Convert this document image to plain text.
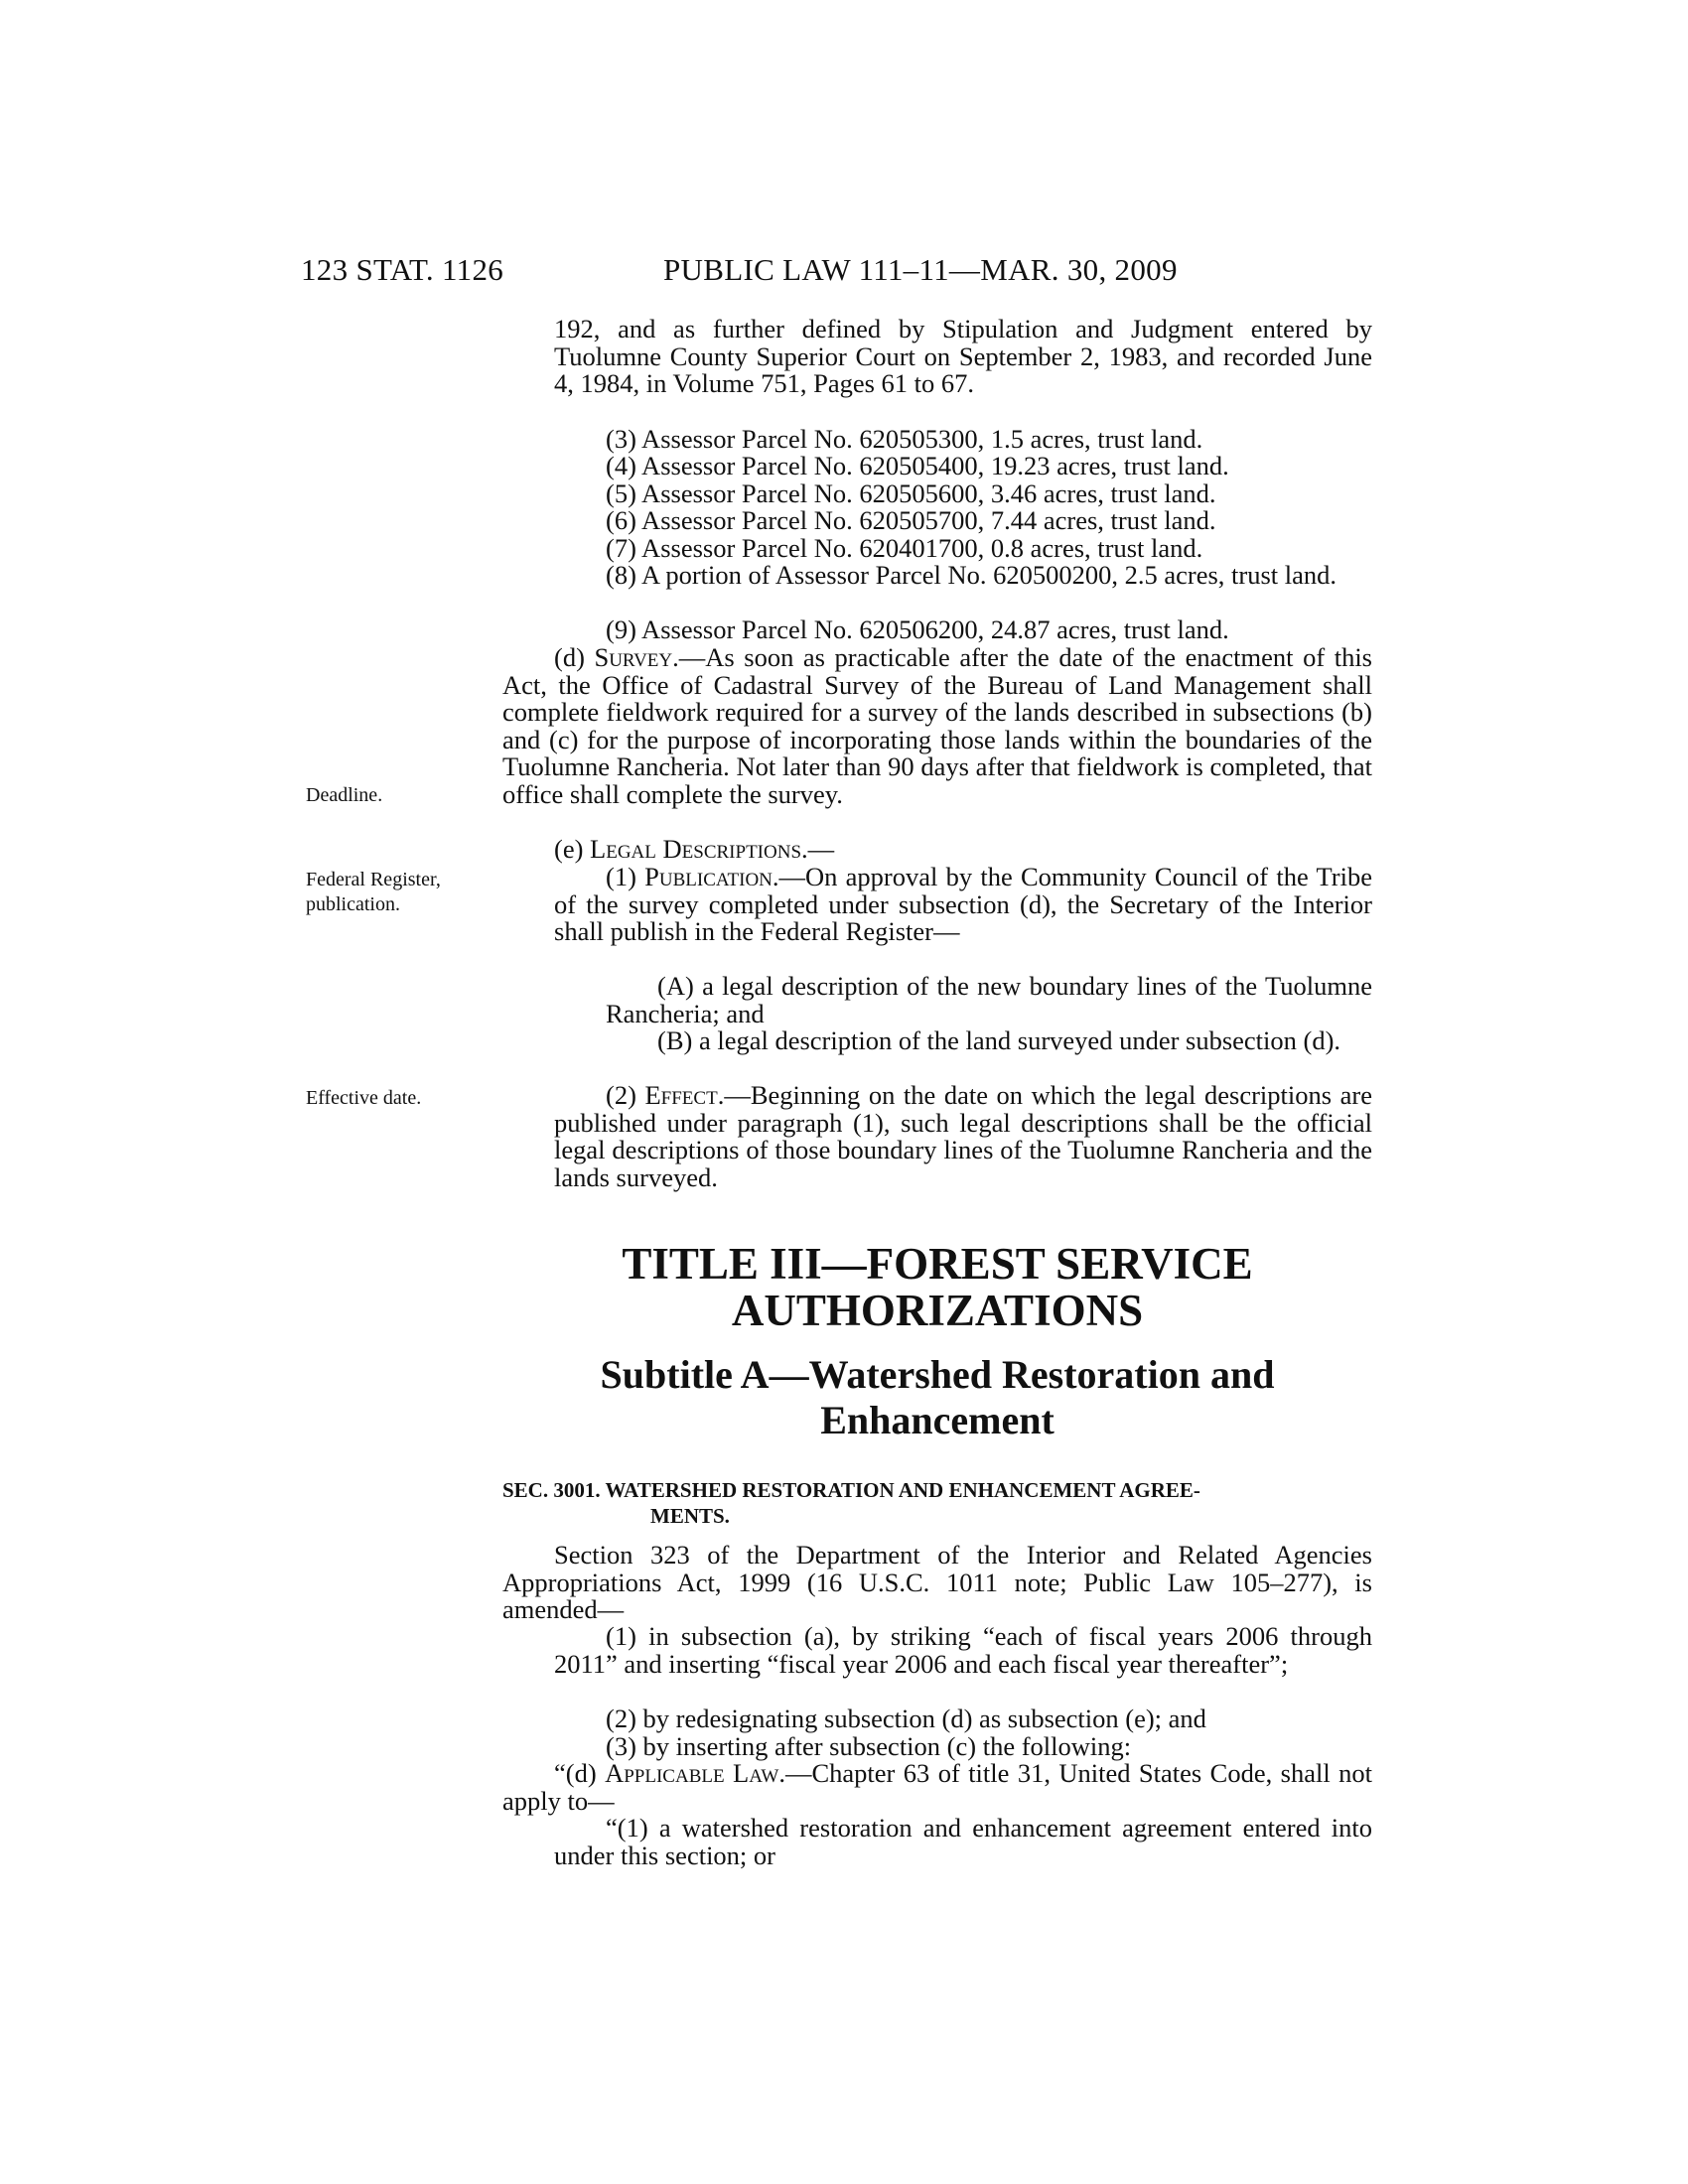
123 STAT. 1126	PUBLIC LAW 111–11—MAR. 30, 2009
Deadline.
Federal Register,
publication.
Effective date.

192, and as further defined by Stipulation and Judgment entered by Tuolumne County Superior Court on September 2, 1983, and recorded June 4, 1984, in Volume 751, Pages 61 to 67.

(3) Assessor Parcel No. 620505300, 1.5 acres, trust land.

(4) Assessor Parcel No. 620505400, 19.23 acres, trust land.

(5) Assessor Parcel No. 620505600, 3.46 acres, trust land.

(6) Assessor Parcel No. 620505700, 7.44 acres, trust land.

(7) Assessor Parcel No. 620401700, 0.8 acres, trust land.

(8) A portion of Assessor Parcel No. 620500200, 2.5 acres, trust land.

(9) Assessor Parcel No. 620506200, 24.87 acres, trust land.

(d) Survey.—As soon as practicable after the date of the enactment of this Act, the Office of Cadastral Survey of the Bureau of Land Management shall complete fieldwork required for a survey of the lands described in subsections (b) and (c) for the purpose of incorporating those lands within the boundaries of the Tuolumne Rancheria. Not later than 90 days after that fieldwork is completed, that office shall complete the survey.

(e) Legal Descriptions.—

(1) Publication.—On approval by the Community Council of the Tribe of the survey completed under subsection (d), the Secretary of the Interior shall publish in the Federal Register—

(A) a legal description of the new boundary lines of the Tuolumne Rancheria; and

(B) a legal description of the land surveyed under subsection (d).

(2) Effect.—Beginning on the date on which the legal descriptions are published under paragraph (1), such legal descriptions shall be the official legal descriptions of those boundary lines of the Tuolumne Rancheria and the lands surveyed.

TITLE III—FOREST SERVICE
AUTHORIZATIONS
Subtitle A—Watershed Restoration and
Enhancement

SEC. 3001. WATERSHED RESTORATION AND ENHANCEMENT AGREE-

MENTS.

Section 323 of the Department of the Interior and Related Agencies Appropriations Act, 1999 (16 U.S.C. 1011 note; Public Law 105–277), is amended—

(1) in subsection (a), by striking “each of fiscal years 2006 through 2011” and inserting “fiscal year 2006 and each fiscal year thereafter”;

(2) by redesignating subsection (d) as subsection (e); and

(3) by inserting after subsection (c) the following:

“(d) Applicable Law.—Chapter 63 of title 31, United States Code, shall not apply to—

“(1) a watershed restoration and enhancement agreement entered into under this section; or
